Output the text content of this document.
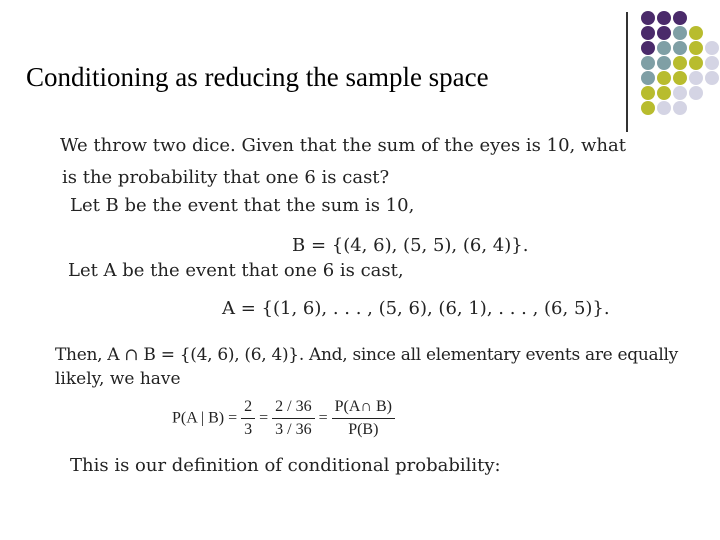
Conditioning as reducing the sample space
We throw two dice. Given that the sum of the eyes is 10, what
is the probability that one 6 is cast?
Let B be the event that the sum is 10,
B = {(4, 6), (5, 5), (6, 4)}.
Let A be the event that one 6 is cast,
A = {(1, 6), . . . , (5, 6), (6, 1), . . . , (6, 5)}.
Then, A ∩ B = {(4, 6), (6, 4)}. And, since all elementary events are equally
likely, we have
P(A | $B) = \frac{2}{3} = \frac{2 / 36}{3 / 36} = \frac{P(A\cap B)}{P(B)}$
This is our definition of conditional probability:
